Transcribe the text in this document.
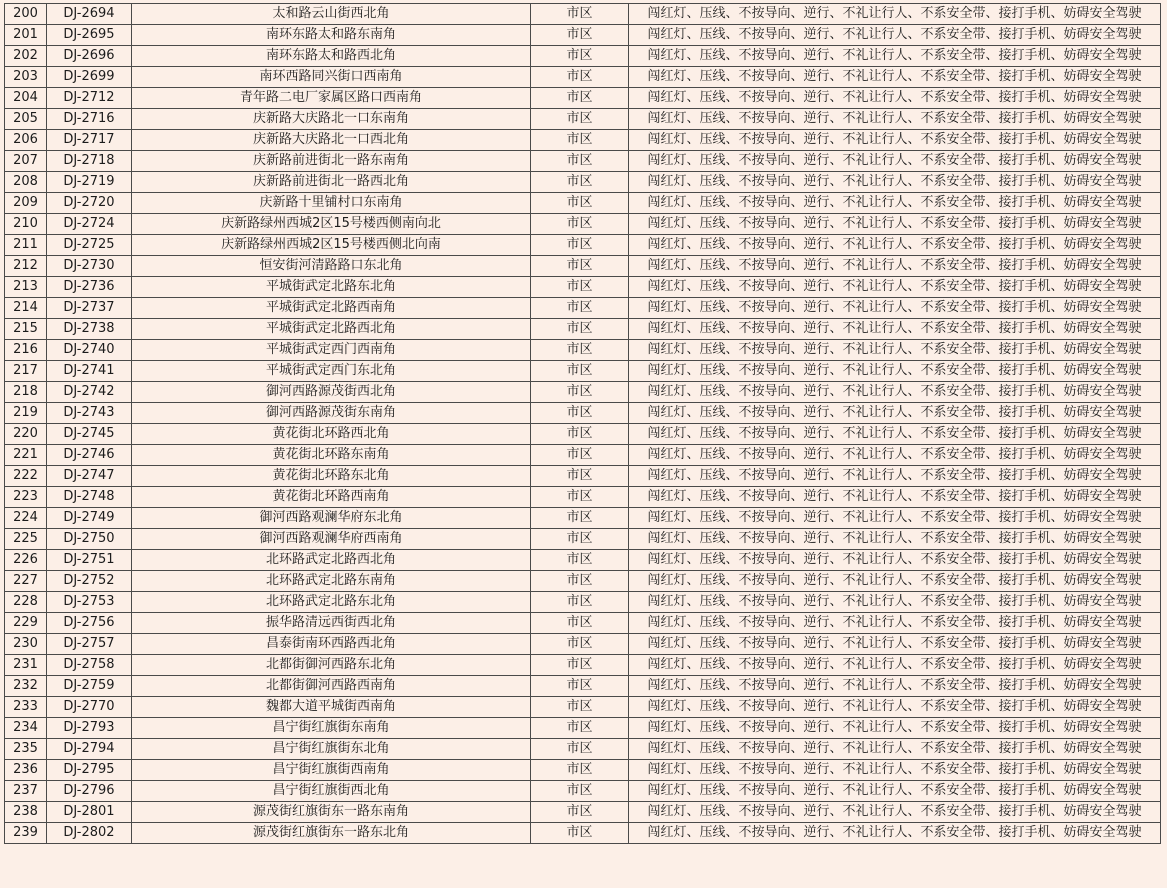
200	DJ-2694	太和路云山街西北角	市区	闯红灯、压线、不按导向、逆行、不礼让行人、不系安全带、接打手机、妨碍安全驾驶
201	DJ-2695	南环东路太和路东南角	市区	闯红灯、压线、不按导向、逆行、不礼让行人、不系安全带、接打手机、妨碍安全驾驶
202	DJ-2696	南环东路太和路西北角	市区	闯红灯、压线、不按导向、逆行、不礼让行人、不系安全带、接打手机、妨碍安全驾驶
203	DJ-2699	南环西路同兴街口西南角	市区	闯红灯、压线、不按导向、逆行、不礼让行人、不系安全带、接打手机、妨碍安全驾驶
204	DJ-2712	青年路二电厂家属区路口西南角	市区	闯红灯、压线、不按导向、逆行、不礼让行人、不系安全带、接打手机、妨碍安全驾驶
205	DJ-2716	庆新路大庆路北一口东南角	市区	闯红灯、压线、不按导向、逆行、不礼让行人、不系安全带、接打手机、妨碍安全驾驶
206	DJ-2717	庆新路大庆路北一口西北角	市区	闯红灯、压线、不按导向、逆行、不礼让行人、不系安全带、接打手机、妨碍安全驾驶
207	DJ-2718	庆新路前进街北一路东南角	市区	闯红灯、压线、不按导向、逆行、不礼让行人、不系安全带、接打手机、妨碍安全驾驶
208	DJ-2719	庆新路前进街北一路西北角	市区	闯红灯、压线、不按导向、逆行、不礼让行人、不系安全带、接打手机、妨碍安全驾驶
209	DJ-2720	庆新路十里铺村口东南角	市区	闯红灯、压线、不按导向、逆行、不礼让行人、不系安全带、接打手机、妨碍安全驾驶
210	DJ-2724	庆新路绿州西城2区15号楼西侧南向北	市区	闯红灯、压线、不按导向、逆行、不礼让行人、不系安全带、接打手机、妨碍安全驾驶
211	DJ-2725	庆新路绿州西城2区15号楼西侧北向南	市区	闯红灯、压线、不按导向、逆行、不礼让行人、不系安全带、接打手机、妨碍安全驾驶
212	DJ-2730	恒安街河清路路口东北角	市区	闯红灯、压线、不按导向、逆行、不礼让行人、不系安全带、接打手机、妨碍安全驾驶
213	DJ-2736	平城街武定北路东北角	市区	闯红灯、压线、不按导向、逆行、不礼让行人、不系安全带、接打手机、妨碍安全驾驶
214	DJ-2737	平城街武定北路西南角	市区	闯红灯、压线、不按导向、逆行、不礼让行人、不系安全带、接打手机、妨碍安全驾驶
215	DJ-2738	平城街武定北路西北角	市区	闯红灯、压线、不按导向、逆行、不礼让行人、不系安全带、接打手机、妨碍安全驾驶
216	DJ-2740	平城街武定西门西南角	市区	闯红灯、压线、不按导向、逆行、不礼让行人、不系安全带、接打手机、妨碍安全驾驶
217	DJ-2741	平城街武定西门东北角	市区	闯红灯、压线、不按导向、逆行、不礼让行人、不系安全带、接打手机、妨碍安全驾驶
218	DJ-2742	御河西路源茂街西北角	市区	闯红灯、压线、不按导向、逆行、不礼让行人、不系安全带、接打手机、妨碍安全驾驶
219	DJ-2743	御河西路源茂街东南角	市区	闯红灯、压线、不按导向、逆行、不礼让行人、不系安全带、接打手机、妨碍安全驾驶
220	DJ-2745	黄花街北环路西北角	市区	闯红灯、压线、不按导向、逆行、不礼让行人、不系安全带、接打手机、妨碍安全驾驶
221	DJ-2746	黄花街北环路东南角	市区	闯红灯、压线、不按导向、逆行、不礼让行人、不系安全带、接打手机、妨碍安全驾驶
222	DJ-2747	黄花街北环路东北角	市区	闯红灯、压线、不按导向、逆行、不礼让行人、不系安全带、接打手机、妨碍安全驾驶
223	DJ-2748	黄花街北环路西南角	市区	闯红灯、压线、不按导向、逆行、不礼让行人、不系安全带、接打手机、妨碍安全驾驶
224	DJ-2749	御河西路观澜华府东北角	市区	闯红灯、压线、不按导向、逆行、不礼让行人、不系安全带、接打手机、妨碍安全驾驶
225	DJ-2750	御河西路观澜华府西南角	市区	闯红灯、压线、不按导向、逆行、不礼让行人、不系安全带、接打手机、妨碍安全驾驶
226	DJ-2751	北环路武定北路西北角	市区	闯红灯、压线、不按导向、逆行、不礼让行人、不系安全带、接打手机、妨碍安全驾驶
227	DJ-2752	北环路武定北路东南角	市区	闯红灯、压线、不按导向、逆行、不礼让行人、不系安全带、接打手机、妨碍安全驾驶
228	DJ-2753	北环路武定北路东北角	市区	闯红灯、压线、不按导向、逆行、不礼让行人、不系安全带、接打手机、妨碍安全驾驶
229	DJ-2756	振华路清远西街西北角	市区	闯红灯、压线、不按导向、逆行、不礼让行人、不系安全带、接打手机、妨碍安全驾驶
230	DJ-2757	昌泰街南环西路西北角	市区	闯红灯、压线、不按导向、逆行、不礼让行人、不系安全带、接打手机、妨碍安全驾驶
231	DJ-2758	北都街御河西路东北角	市区	闯红灯、压线、不按导向、逆行、不礼让行人、不系安全带、接打手机、妨碍安全驾驶
232	DJ-2759	北都街御河西路西南角	市区	闯红灯、压线、不按导向、逆行、不礼让行人、不系安全带、接打手机、妨碍安全驾驶
233	DJ-2770	魏都大道平城街西南角	市区	闯红灯、压线、不按导向、逆行、不礼让行人、不系安全带、接打手机、妨碍安全驾驶
234	DJ-2793	昌宁街红旗街东南角	市区	闯红灯、压线、不按导向、逆行、不礼让行人、不系安全带、接打手机、妨碍安全驾驶
235	DJ-2794	昌宁街红旗街东北角	市区	闯红灯、压线、不按导向、逆行、不礼让行人、不系安全带、接打手机、妨碍安全驾驶
236	DJ-2795	昌宁街红旗街西南角	市区	闯红灯、压线、不按导向、逆行、不礼让行人、不系安全带、接打手机、妨碍安全驾驶
237	DJ-2796	昌宁街红旗街西北角	市区	闯红灯、压线、不按导向、逆行、不礼让行人、不系安全带、接打手机、妨碍安全驾驶
238	DJ-2801	源茂街红旗街东一路东南角	市区	闯红灯、压线、不按导向、逆行、不礼让行人、不系安全带、接打手机、妨碍安全驾驶
239	DJ-2802	源茂街红旗街东一路东北角	市区	闯红灯、压线、不按导向、逆行、不礼让行人、不系安全带、接打手机、妨碍安全驾驶
